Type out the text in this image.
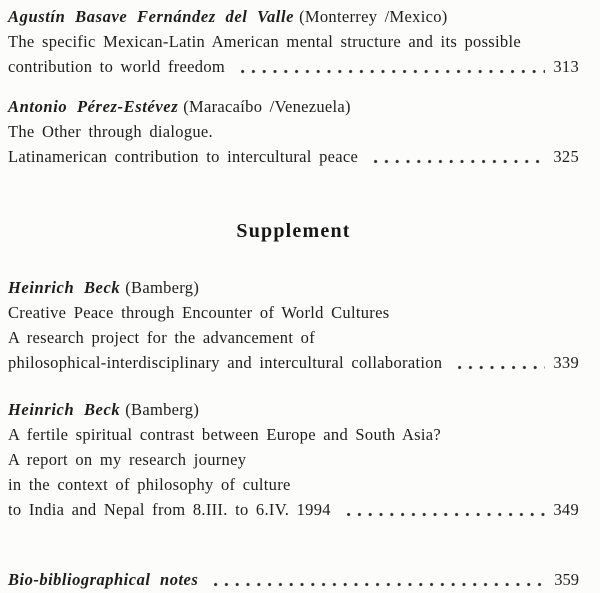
Agustín Basave Fernández del Valle (Monterrey /Mexico)
The specific Mexican-Latin American mental structure and its possible
contribution to world freedom	313
Antonio Pérez-Estévez (Maracaíbo /Venezuela)
The Other through dialogue.
Latinamerican contribution to intercultural peace	325
Supplement
Heinrich Beck (Bamberg)
Creative Peace through Encounter of World Cultures
A research project for the advancement of
philosophical-interdisciplinary and intercultural collaboration	339
Heinrich Beck (Bamberg)
A fertile spiritual contrast between Europe and South Asia?
A report on my research journey
in the context of philosophy of culture
to India and Nepal from 8.III. to 6.IV. 1994	349
Bio-bibliographical notes	359
